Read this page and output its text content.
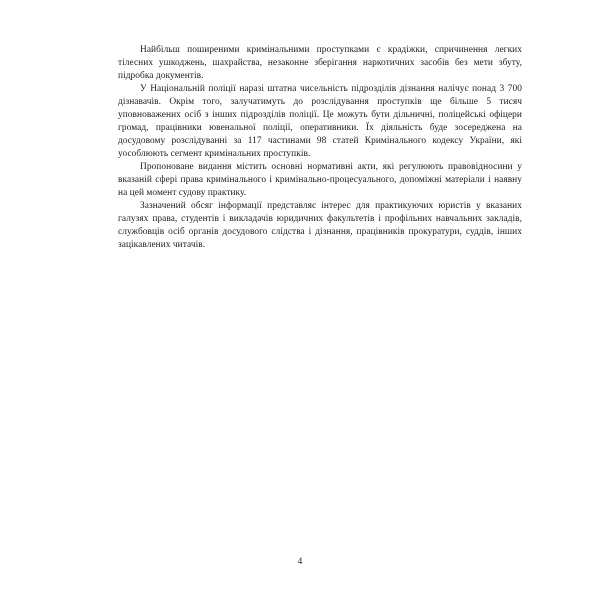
Найбільш поширеними кримінальними проступками є крадіжки, спричинення легких тілесних ушкоджень, шахрайства, незаконне зберігання наркотичних засобів без мети збуту, підробка документів.

У Національній поліції наразі штатна чисельність підрозділів дізнання налічує понад 3 700 дізнавачів. Окрім того, залучатимуть до розслідування проступків ще більше 5 тисяч уповноважених осіб з інших підрозділів поліції. Це можуть бути дільничні, поліцейські офіцери громад, працівники ювенальної поліції, оперативники. Їх діяльність буде зосереджена на досудовому розслідуванні за 117 частинами 98 статей Кримінального кодексу України, які уособлюють сегмент кримінальних проступків.

Пропоноване видання містить основні нормативні акти, які регулюють правовідносини у вказаній сфері права кримінального і кримінально-процесуального, допоміжні матеріали і наявну на цей момент судову практику.

Зазначений обсяг інформації представляє інтерес для практикуючих юристів у вказаних галузях права, студентів і викладачів юридичних факультетів і профільних навчальних закладів, службовців осіб органів досудового слідства і дізнання, працівників прокуратури, суддів, інших зацікавлених читачів.

4
